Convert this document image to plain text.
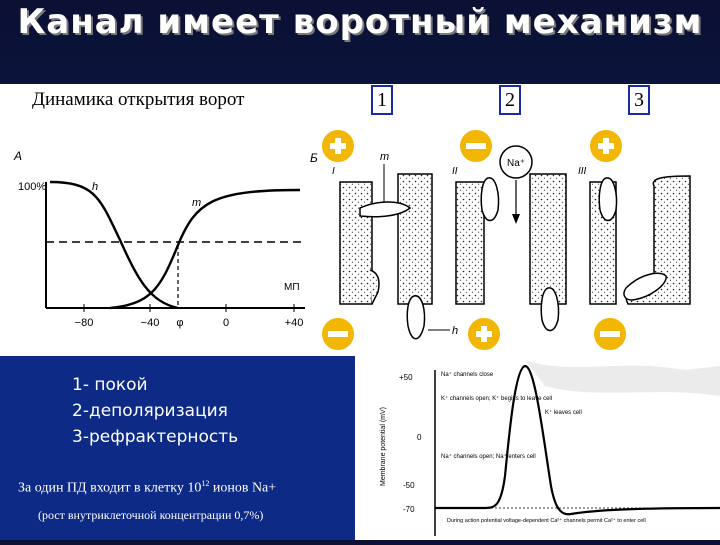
Канал имеет воротный механизм
Динамика открытия ворот	1	2	3
А
100%	h
m
МП
−80	−40 φ	0	+40
Б
I	II	III
m
h
Na⁺
1- покой
2-деполяризация
3-рефрактерность
За один ПД входит в клетку $10^{12}$ ионов Na+
(рост внутриклеточной концентрации 0,7%)
+50
0
-50
-70
Membrane potential (mV)
Na⁺ channels close
K⁺ channels open; K⁺ begins to leave cell
K⁺ leaves cell
Na⁺ channels open; Na⁺ enters cell
During action potential voltage-dependent Ca²⁺ channels permit Ca²⁺ to enter cell
